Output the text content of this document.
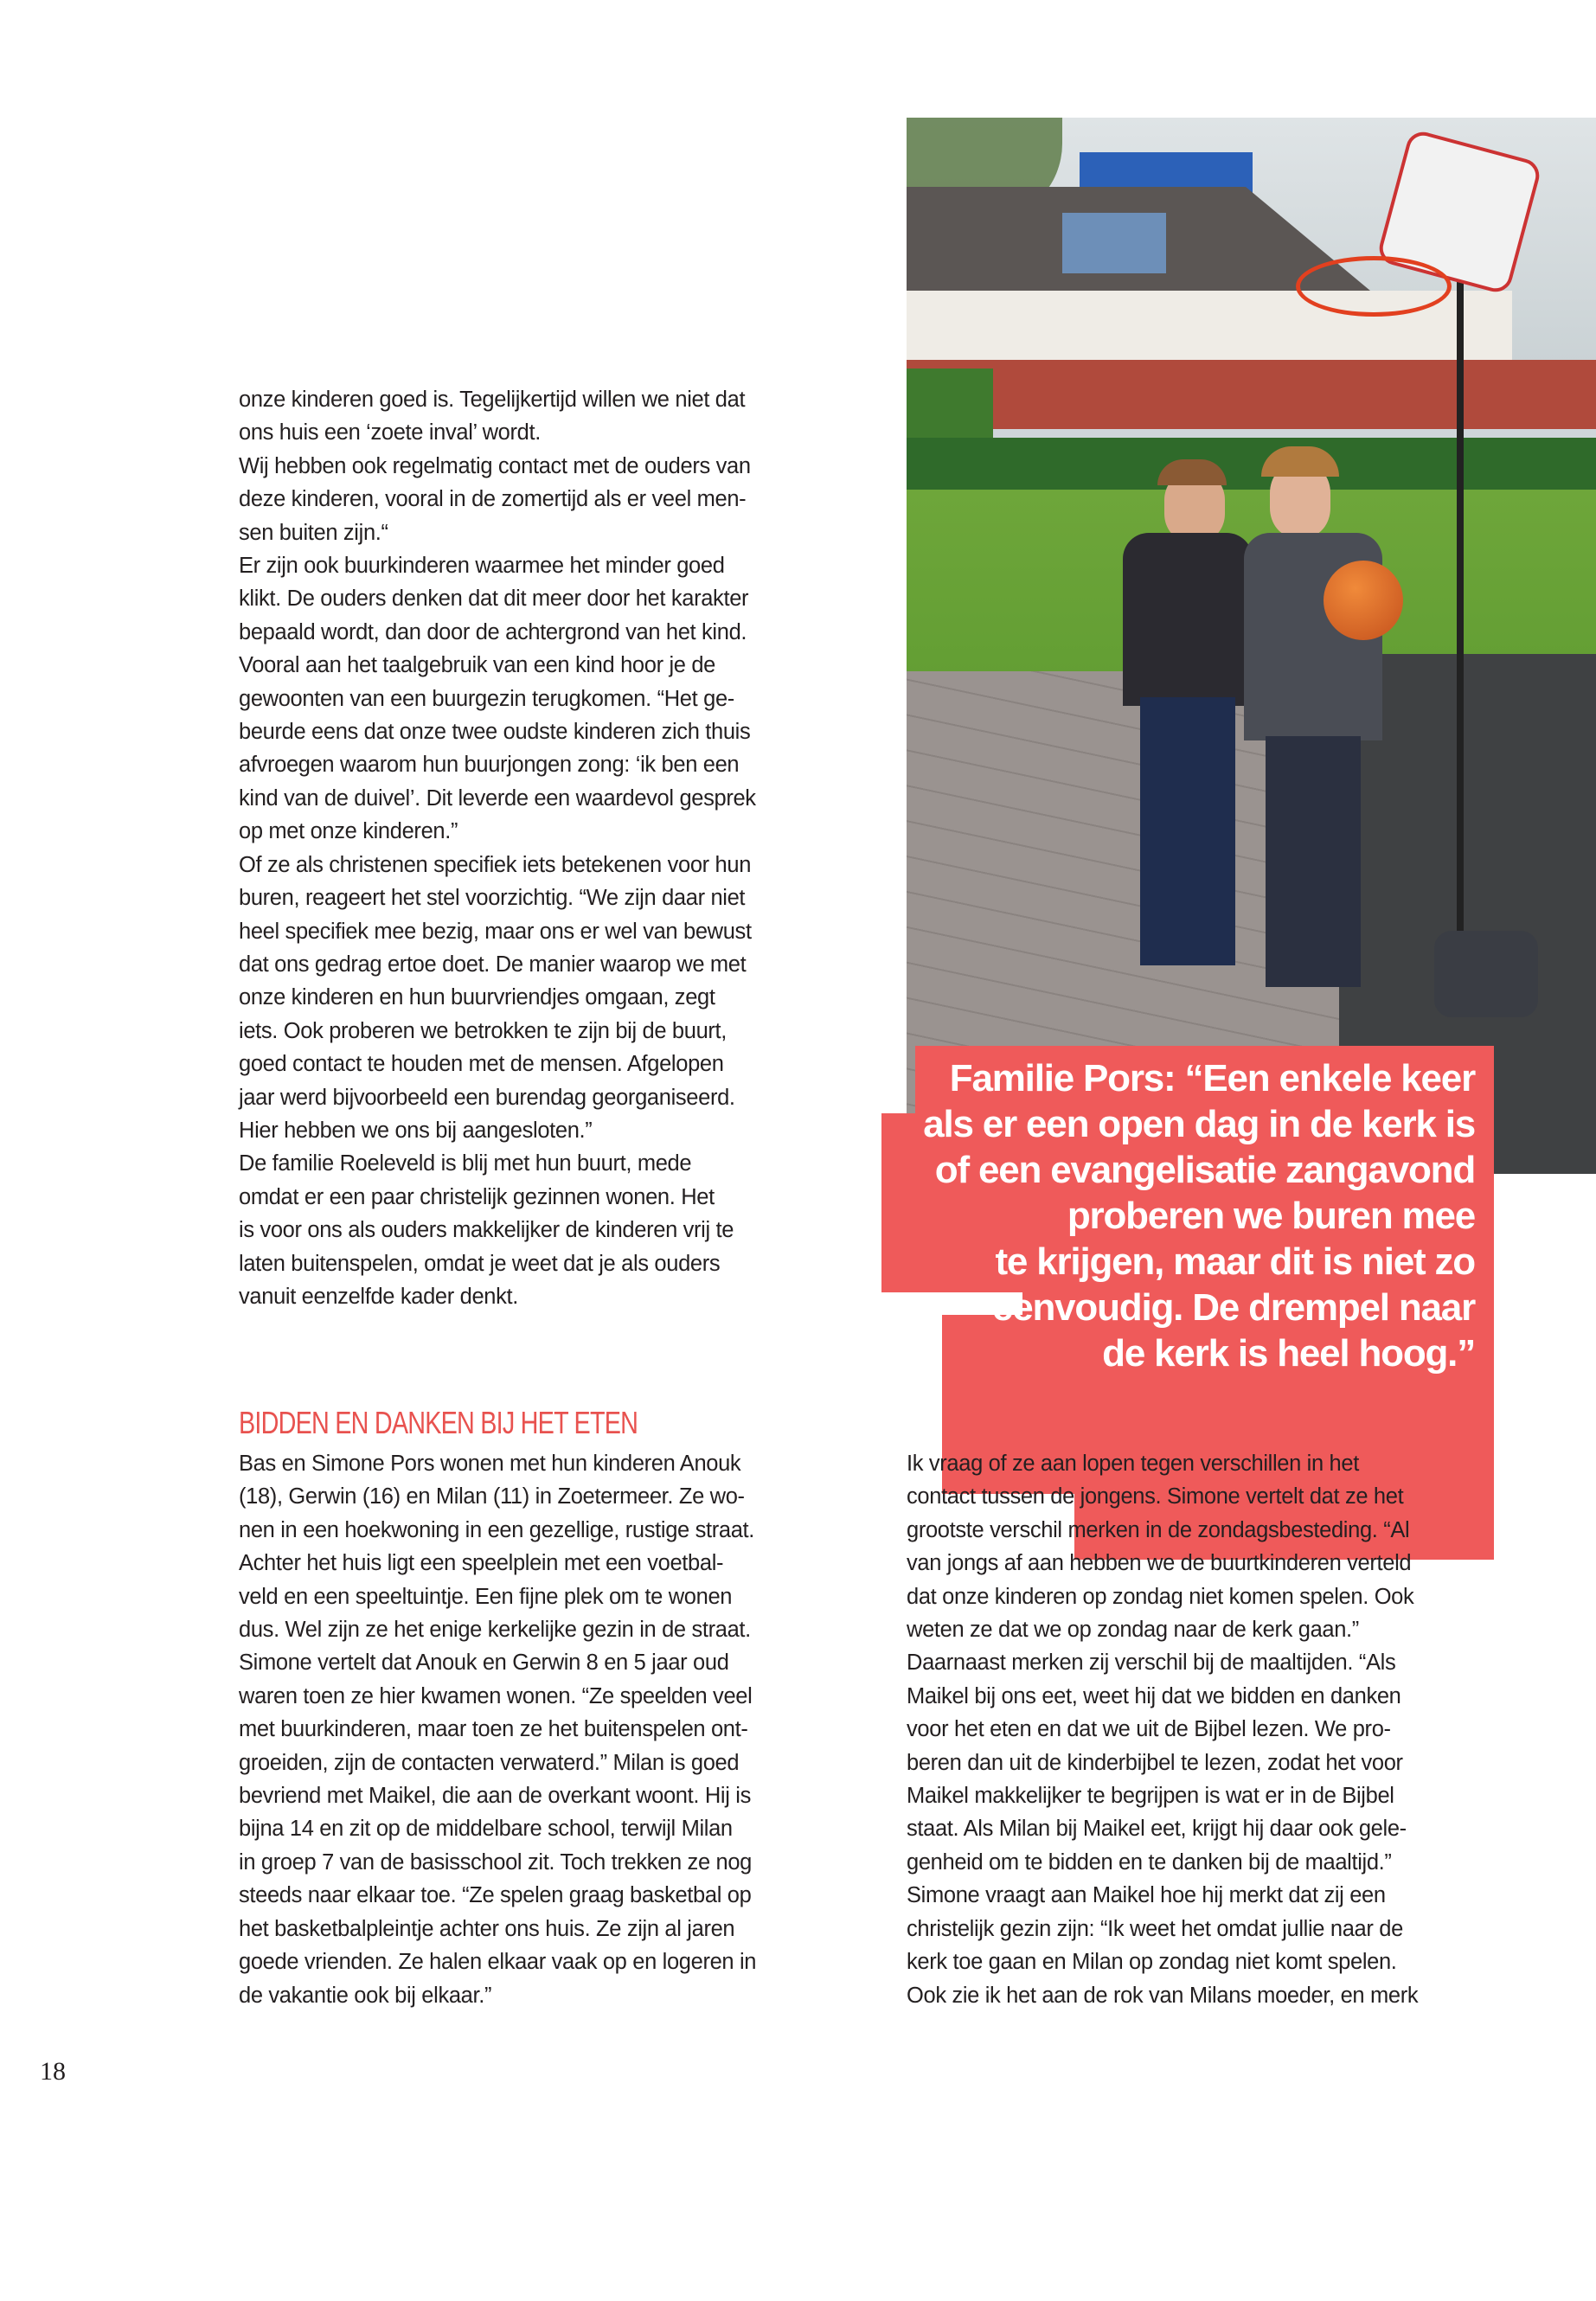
onze kinderen goed is. Tegelijkertijd willen we niet dat
ons huis een ‘zoete inval’ wordt.
Wij hebben ook regelmatig contact met de ouders van
deze kinderen, vooral in de zomertijd als er veel men-
sen buiten zijn.“
Er zijn ook buurkinderen waarmee het minder goed
klikt. De ouders denken dat dit meer door het karakter
bepaald wordt, dan door de achtergrond van het kind.
Vooral aan het taalgebruik van een kind hoor je de
gewoonten van een buurgezin terugkomen. “Het ge-
beurde eens dat onze twee oudste kinderen zich thuis
afvroegen waarom hun buurjongen zong: ‘ik ben een
kind van de duivel’. Dit leverde een waardevol gesprek
op met onze kinderen.”
Of ze als christenen specifiek iets betekenen voor hun
buren, reageert het stel voorzichtig. “We zijn daar niet
heel specifiek mee bezig, maar ons er wel van bewust
dat ons gedrag ertoe doet. De manier waarop we met
onze kinderen en hun buurvriendjes omgaan, zegt
iets. Ook proberen we betrokken te zijn bij de buurt,
goed contact te houden met de mensen. Afgelopen
jaar werd bijvoorbeeld een burendag georganiseerd.
Hier hebben we ons bij aangesloten.”
De familie Roeleveld is blij met hun buurt, mede
omdat er een paar christelijk gezinnen wonen. Het
is voor ons als ouders makkelijker de kinderen vrij te
laten buitenspelen, omdat je weet dat je als ouders
vanuit eenzelfde kader denkt.
Familie Pors: “Een enkele keer
als er een open dag in de kerk is
of een evangelisatie zangavond
proberen we buren mee
te krijgen, maar dit is niet zo
eenvoudig. De drempel naar
de kerk is heel hoog.”
BIDDEN EN DANKEN BIJ HET ETEN
Bas en Simone Pors wonen met hun kinderen Anouk
(18), Gerwin (16) en Milan (11) in Zoetermeer. Ze wo-
nen in een hoekwoning in een gezellige, rustige straat.
Achter het huis ligt een speelplein met een voetbal-
veld en een speeltuintje. Een fijne plek om te wonen
dus. Wel zijn ze het enige kerkelijke gezin in de straat.
Simone vertelt dat Anouk en Gerwin 8 en 5 jaar oud
waren toen ze hier kwamen wonen. “Ze speelden veel
met buurkinderen, maar toen ze het buitenspelen ont-
groeiden, zijn de contacten verwaterd.” Milan is goed
bevriend met Maikel, die aan de overkant woont. Hij is
bijna 14 en zit op de middelbare school, terwijl Milan
in groep 7 van de basisschool zit. Toch trekken ze nog
steeds naar elkaar toe. “Ze spelen graag basketbal op
het basketbalpleintje achter ons huis. Ze zijn al jaren
goede vrienden. Ze halen elkaar vaak op en logeren in
de vakantie ook bij elkaar.”
Ik vraag of ze aan lopen tegen verschillen in het
contact tussen de jongens. Simone vertelt dat ze het
grootste verschil merken in de zondagsbesteding. “Al
van jongs af aan hebben we de buurtkinderen verteld
dat onze kinderen op zondag niet komen spelen. Ook
weten ze dat we op zondag naar de kerk gaan.”
Daarnaast merken zij verschil bij de maaltijden. “Als
Maikel bij ons eet, weet hij dat we bidden en danken
voor het eten en dat we uit de Bijbel lezen. We pro-
beren dan uit de kinderbijbel te lezen, zodat het voor
Maikel makkelijker te begrijpen is wat er in de Bijbel
staat. Als Milan bij Maikel eet, krijgt hij daar ook gele-
genheid om te bidden en te danken bij de maaltijd.”
Simone vraagt aan Maikel hoe hij merkt dat zij een
christelijk gezin zijn: “Ik weet het omdat jullie naar de
kerk toe gaan en Milan op zondag niet komt spelen.
Ook zie ik het aan de rok van Milans moeder, en merk
18
